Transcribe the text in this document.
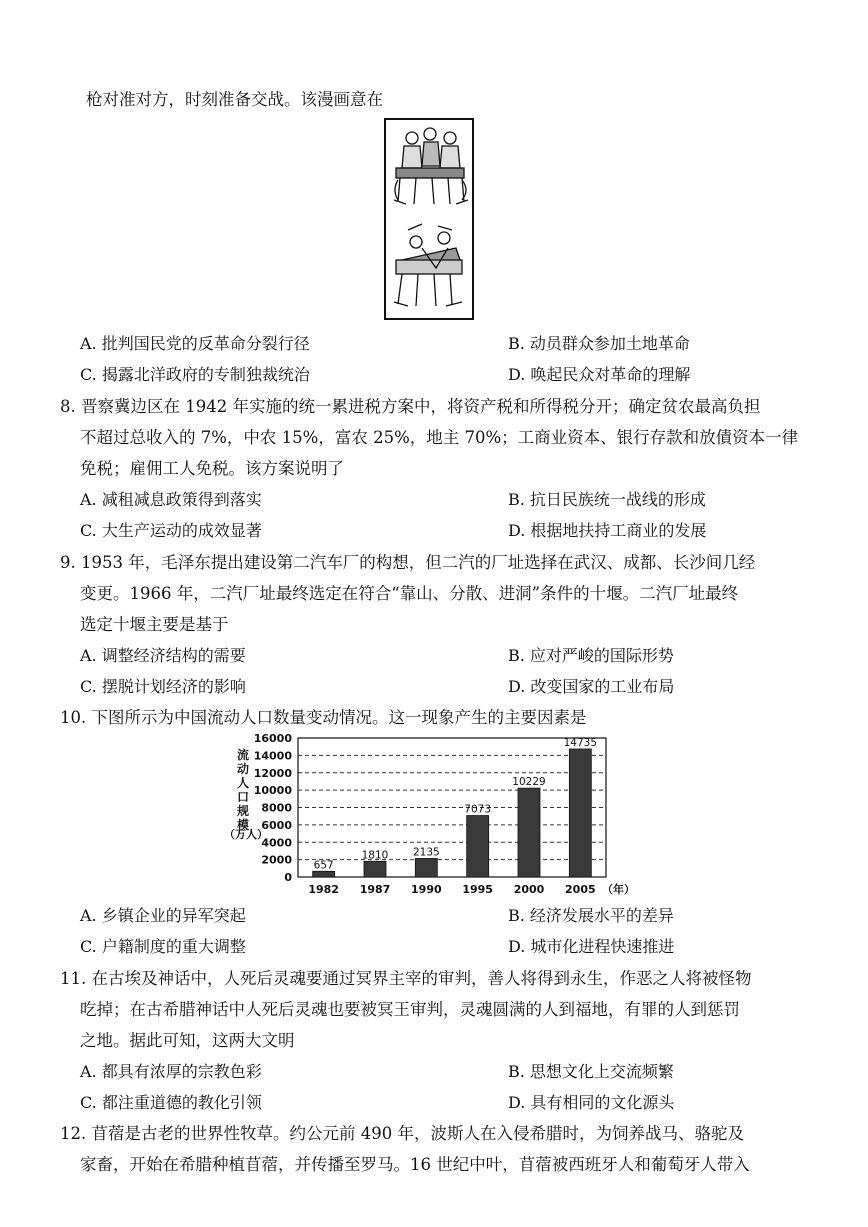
枪对准对方，时刻准备交战。该漫画意在
A. 批判国民党的反革命分裂行径	B. 动员群众参加土地革命
C. 揭露北洋政府的专制独裁统治	D. 唤起民众对革命的理解
8. 晋察冀边区在 1942 年实施的统一累进税方案中，将资产税和所得税分开；确定贫农最高负担
不超过总收入的 7%，中农 15%，富农 25%，地主 70%；工商业资本、银行存款和放債资本一律
免税；雇佣工人免税。该方案说明了
A. 减租减息政策得到落实	B. 抗日民族统一战线的形成
C. 大生产运动的成效显著	D. 根据地扶持工商业的发展
9. 1953 年，毛泽东提出建设第二汽车厂的构想，但二汽的厂址选择在武汉、成都、长沙间几经
变更。1966 年，二汽厂址最终选定在符合“靠山、分散、进洞”条件的十堰。二汽厂址最终
选定十堰主要是基于
A. 调整经济结构的需要	B. 应对严峻的国际形势
C. 摆脱计划经济的影响	D. 改变国家的工业布局
10. 下图所示为中国流动人口数量变动情况。这一现象产生的主要因素是
流
动
人
口
规
模
（万人）
0
2000
4000
6000
8000
10000
12000
14000
16000
657
1982
1810
1987
2135
1990
7073
1995
10229
2000
14735
2005 （年）
A. 乡镇企业的异军突起	B. 经济发展水平的差异
C. 户籍制度的重大调整	D. 城市化进程快速推进
11. 在古埃及神话中，人死后灵魂要通过冥界主宰的审判，善人将得到永生，作恶之人将被怪物
吃掉；在古希腊神话中人死后灵魂也要被冥王审判，灵魂圆满的人到福地，有罪的人到惩罚
之地。据此可知，这两大文明
A. 都具有浓厚的宗教色彩	B. 思想文化上交流频繁
C. 都注重道德的教化引领	D. 具有相同的文化源头
12. 苜蓿是古老的世界性牧草。约公元前 490 年，波斯人在入侵希腊时，为饲养战马、骆驼及
家畜，开始在希腊种植苜蓿，并传播至罗马。16 世纪中叶，苜蓿被西班牙人和葡萄牙人带入
